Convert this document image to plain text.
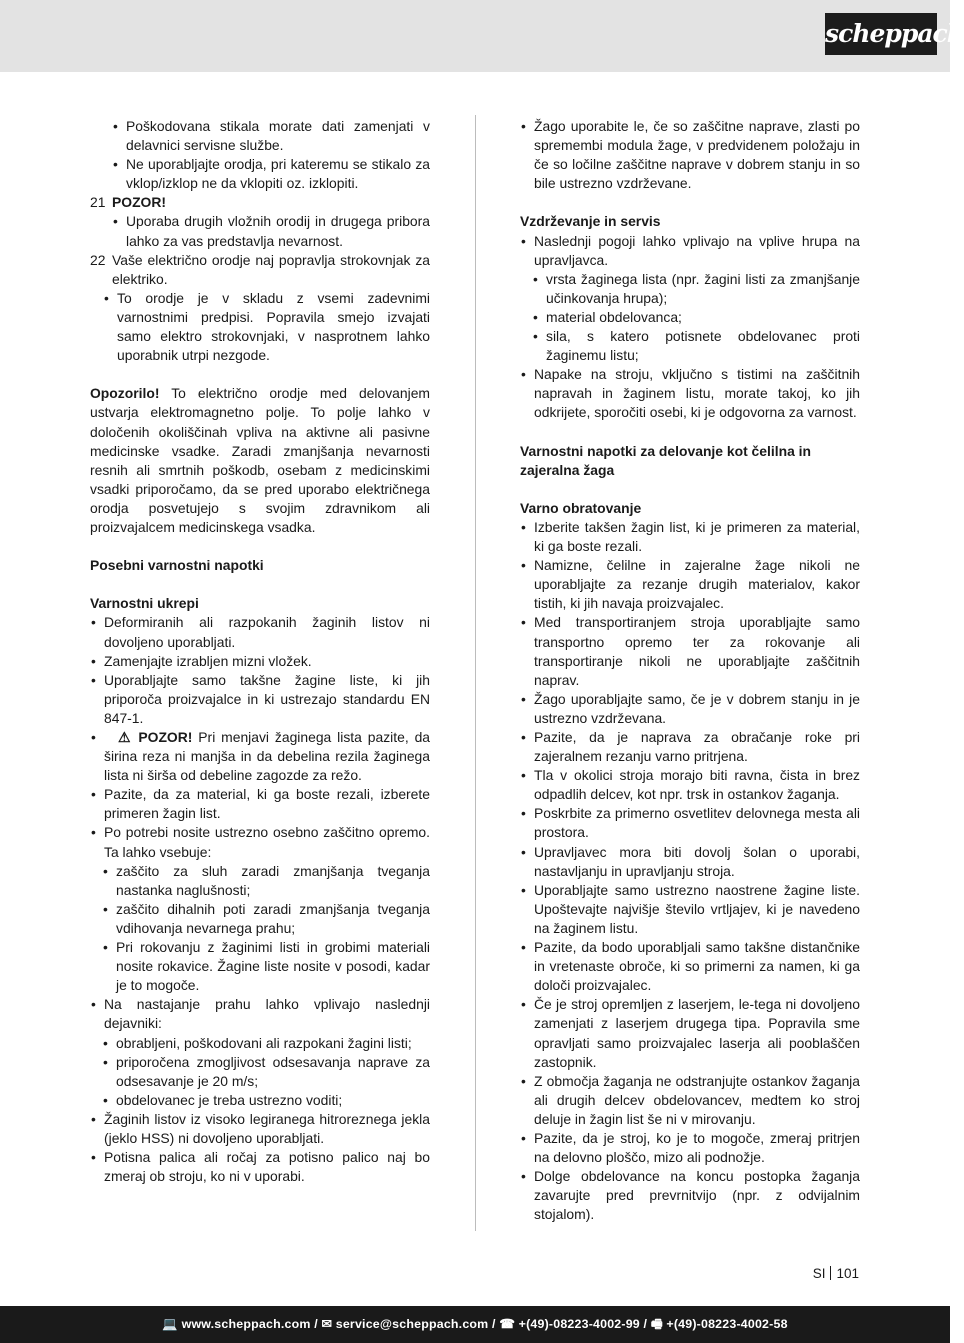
scheppach
• Poškodovana stikala morate dati zamenjati v delavnici servisne službe.
• Ne uporabljajte orodja, pri kateremu se stikalo za vklop/izklop ne da vklopiti oz. izklopiti.
21 POZOR!
• Uporaba drugih vložnih orodij in drugega pribora lahko za vas predstavlja nevarnost.
22 Vaše električno orodje naj popravlja strokovnjak za elektriko.
• To orodje je v skladu z vsemi zadevnimi varnostnimi predpisi. Popravila smejo izvajati samo elektro strokovnjaki, v nasprotnem lahko uporabnik utrpi nezgode.

Opozorilo! To električno orodje med delovanjem ustvarja elektromagnetno polje. To polje lahko v določenih okoliščinah vpliva na aktivne ali pasivne medicinske vsadke. Zaradi zmanjšanja nevarnosti resnih ali smrtnih poškodb, osebam z medicinskimi vsadki priporočamo, da se pred uporabo električnega orodja posvetujejo s svojim zdravnikom ali proizvajalcem medicinskega vsadka.

Posebni varnostni napotki
Varnostni ukrepi
• Deformiranih ali razpokanih žaginih listov ni dovoljeno uporabljati.
• Zamenjajte izrabljen mizni vložek.
• Uporabljajte samo takšne žagine liste, ki jih priporoča proizvajalce in ki ustrezajo standardu EN 847-1.
• ⚠ POZOR! Pri menjavi žaginega lista pazite, da širina reza ni manjša in da debelina rezila žaginega lista ni širša od debeline zagozde za režo.
• Pazite, da za material, ki ga boste rezali, izberete primeren žagin list.
• Po potrebi nosite ustrezno osebno zaščitno opremo. Ta lahko vsebuje:
• zaščito za sluh zaradi zmanjšanja tveganja nastanka naglušnosti;
• zaščito dihalnih poti zaradi zmanjšanja tveganja vdihovanja nevarnega prahu;
• Pri rokovanju z žaginimi listi in grobimi materiali nosite rokavice. Žagine liste nosite v posodi, kadar je to mogoče.
• Na nastajanje prahu lahko vplivajo naslednji dejavniki:
• obrabljeni, poškodovani ali razpokani žagini listi;
• priporočena zmogljivost odsesavanja naprave za odsesavanje je 20 m/s;
• obdelovanec je treba ustrezno voditi;
• Žaginih listov iz visoko legiranega hitroreznega jekla (jeklo HSS) ni dovoljeno uporabljati.
• Potisna palica ali ročaj za potisno palico naj bo zmeraj ob stroju, ko ni v uporabi.
• Žago uporabite le, če so zaščitne naprave, zlasti po spremembi modula žage, v predvidenem položaju in če so ločilne zaščitne naprave v dobrem stanju in so bile ustrezno vzdrževane.
Vzdrževanje in servis
• Naslednji pogoji lahko vplivajo na vplive hrupa na upravljavca.
• vrsta žaginega lista (npr. žagini listi za zmanjšanje učinkovanja hrupa);
• material obdelovanca;
• sila, s katero potisnete obdelovanec proti žaginemu listu;
• Napake na stroju, vključno s tistimi na zaščitnih napravah in žaginem listu, morate takoj, ko jih odkrijete, sporočiti osebi, ki je odgovorna za varnost.
Varnostni napotki za delovanje kot čelilna in zajeralna žaga
Varno obratovanje
• Izberite takšen žagin list, ki je primeren za material, ki ga boste rezali.
• Namizne, čelilne in zajeralne žage nikoli ne uporabljajte za rezanje drugih materialov, kakor tistih, ki jih navaja proizvajalec.
• Med transportiranjem stroja uporabljajte samo transportno opremo ter za rokovanje ali transportiranje nikoli ne uporabljajte zaščitnih naprav.
• Žago uporabljajte samo, če je v dobrem stanju in je ustrezno vzdrževana.
• Pazite, da je naprava za obračanje roke pri zajeralnem rezanju varno pritrjena.
• Tla v okolici stroja morajo biti ravna, čista in brez odpadlih delcev, kot npr. trsk in ostankov žaganja.
• Poskrbite za primerno osvetlitev delovnega mesta ali prostora.
• Upravljavec mora biti dovolj šolan o uporabi, nastavljanju in upravljanju stroja.
• Uporabljajte samo ustrezno naostrene žagine liste. Upoštevajte najvišje število vrtljajev, ki je navedeno na žaginem listu.
• Pazite, da bodo uporabljali samo takšne distančnike in vretenaste obroče, ki so primerni za namen, ki ga določi proizvajalec.
• Če je stroj opremljen z laserjem, le-tega ni dovoljeno zamenjati z laserjem drugega tipa. Popravila sme opravljati samo proizvajalec laserja ali pooblaščen zastopnik.
• Z območja žaganja ne odstranjujte ostankov žaganja ali drugih delcev obdelovancev, medtem ko stroj deluje in žagin list še ni v mirovanju.
• Pazite, da je stroj, ko je to mogoče, zmeraj pritrjen na delovno ploščo, mizo ali podnožje.
• Dolge obdelovance na koncu postopka žaganja zavarujte pred prevrnitvijo (npr. z odvijalnim stojalom).
SI 101
💻 www.scheppach.com / ✉ service@scheppach.com / ☎ +(49)-08223-4002-99 / 🖷 +(49)-08223-4002-58
